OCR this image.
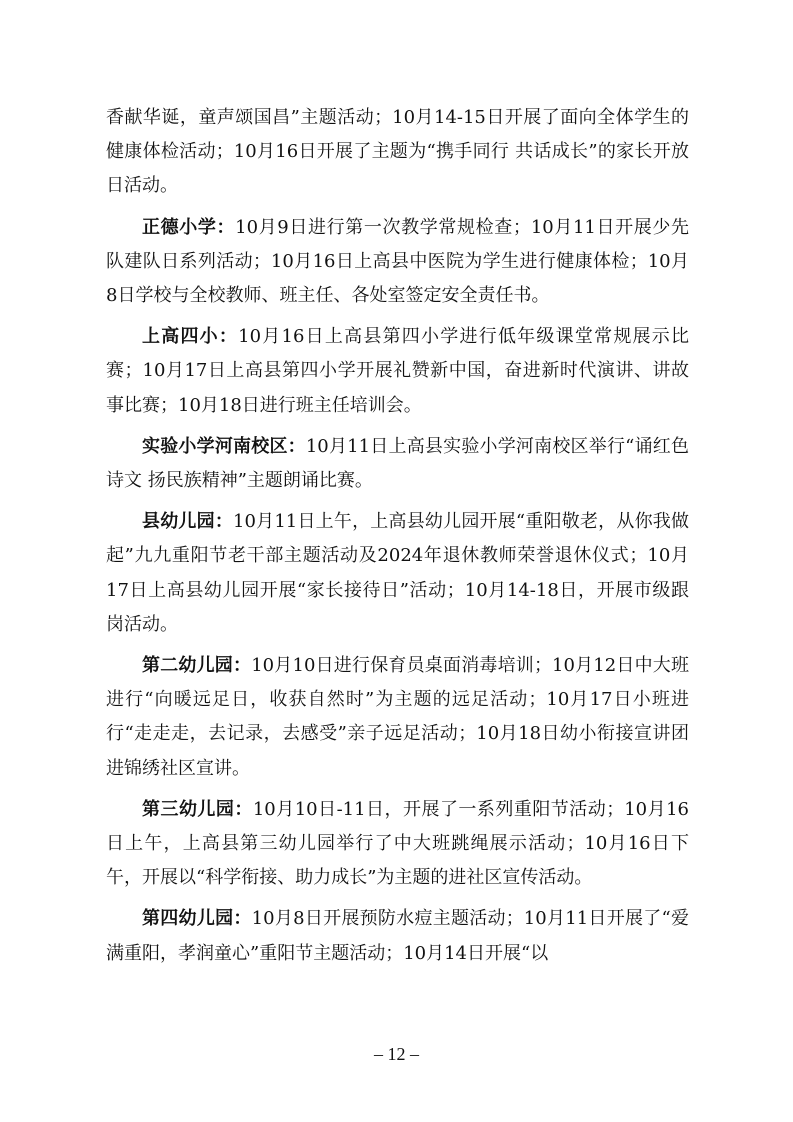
香献华诞，童声颂国昌”主题活动；10月14-15日开展了面向全体学生的健康体检活动；10月16日开展了主题为“携手同行 共话成长”的家长开放日活动。

正德小学：10月9日进行第一次教学常规检查；10月11日开展少先队建队日系列活动；10月16日上高县中医院为学生进行健康体检；10月8日学校与全校教师、班主任、各处室签定安全责任书。

上高四小：10月16日上高县第四小学进行低年级课堂常规展示比赛；10月17日上高县第四小学开展礼赞新中国，奋进新时代演讲、讲故事比赛；10月18日进行班主任培训会。

实验小学河南校区：10月11日上高县实验小学河南校区举行“诵红色诗文 扬民族精神”主题朗诵比赛。

县幼儿园：10月11日上午，上高县幼儿园开展“重阳敬老，从你我做起”九九重阳节老干部主题活动及2024年退休教师荣誉退休仪式；10月17日上高县幼儿园开展“家长接待日”活动；10月14-18日，开展市级跟岗活动。

第二幼儿园：10月10日进行保育员桌面消毒培训；10月12日中大班进行“向暖远足日，收获自然时”为主题的远足活动；10月17日小班进行“走走走，去记录，去感受”亲子远足活动；10月18日幼小衔接宣讲团进锦绣社区宣讲。

第三幼儿园：10月10日-11日，开展了一系列重阳节活动；10月16日上午，上高县第三幼儿园举行了中大班跳绳展示活动；10月16日下午，开展以“科学衔接、助力成长”为主题的进社区宣传活动。

第四幼儿园：10月8日开展预防水痘主题活动；10月11日开展了“爱满重阳，孝润童心”重阳节主题活动；10月14日开展“以

– 12 –
